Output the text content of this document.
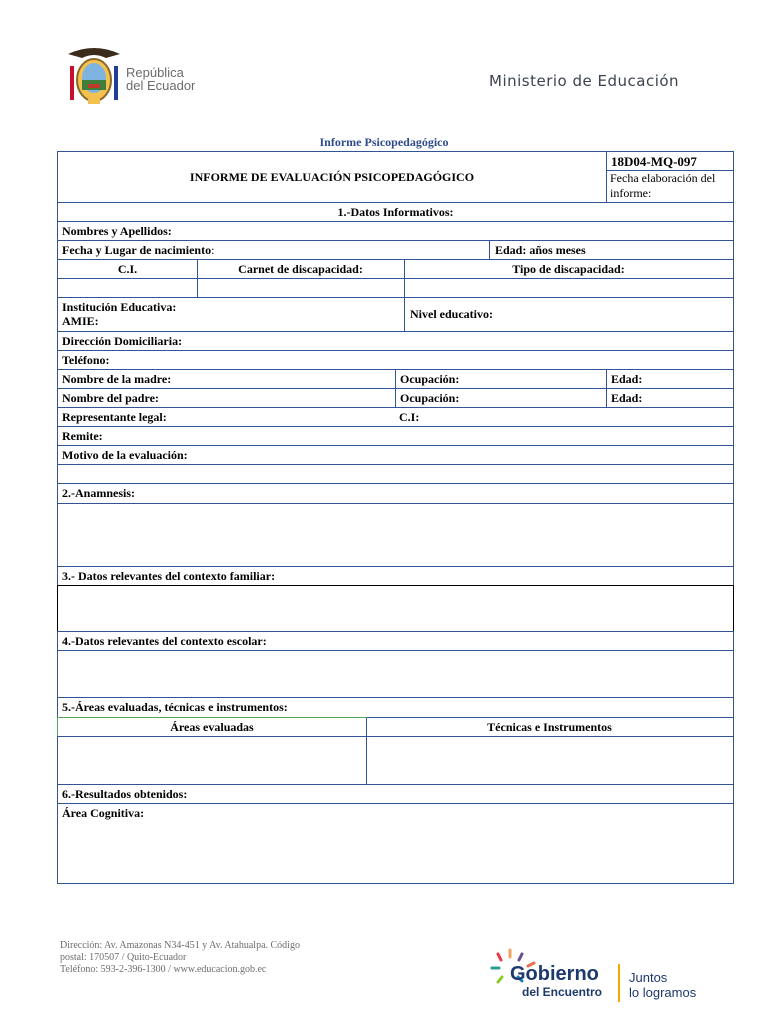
República
del Ecuador	Ministerio de Educación
Informe Psicopedagógico
INFORME DE EVALUACIÓN PSICOPEDAGÓGICO
18D04-MQ-097
Fecha elaboración del
informe:
1.-Datos Informativos:
Nombres y Apellidos:
Fecha y Lugar de nacimiento:	Edad: años meses
C.I.	Carnet de discapacidad:	Tipo de discapacidad:
Institución Educativa:
AMIE:	Nivel educativo:
Dirección Domiciliaria:
Teléfono:
Nombre de la madre:	Ocupación:	Edad:
Nombre del padre:	Ocupación:	Edad:
Representante legal:	C.I:
Remite:
Motivo de la evaluación:
2.-Anamnesis:
3.- Datos relevantes del contexto familiar:
4.-Datos relevantes del contexto escolar:
5.-Áreas evaluadas, técnicas e instrumentos:
Áreas evaluadas	Técnicas e Instrumentos
6.-Resultados obtenidos:
Área Cognitiva:
Dirección: Av. Amazonas N34-451 y Av. Atahualpa. Código
postal: 170507 / Quito-Ecuador
Teléfono: 593-2-396-1300 / www.educacion.gob.ec	Gobierno
del Encuentro
Juntos
lo logramos
